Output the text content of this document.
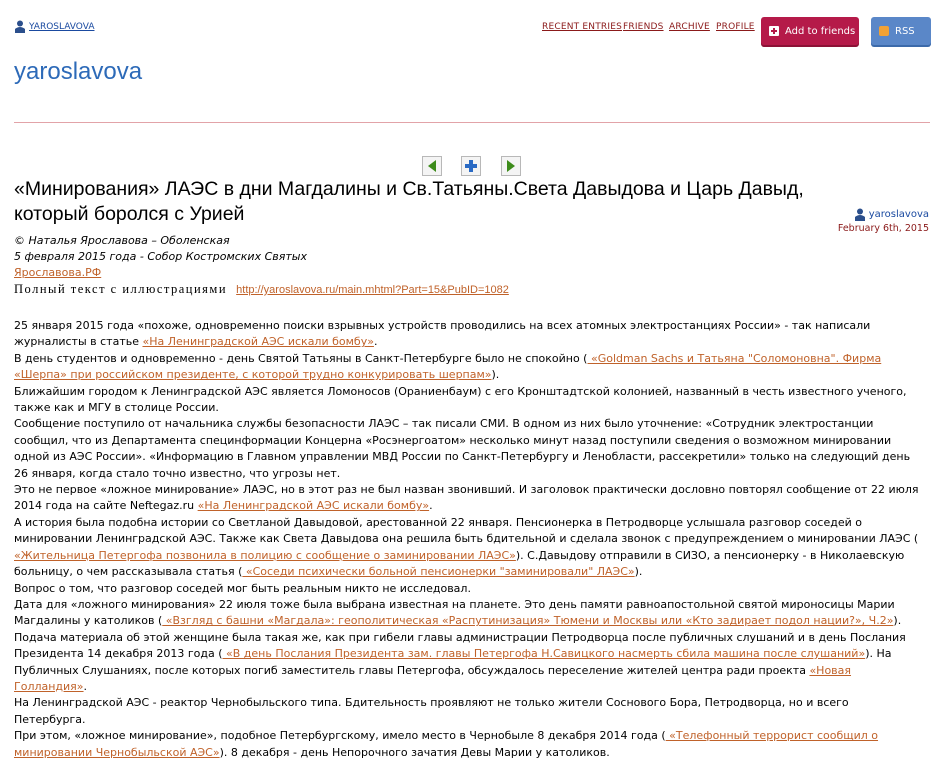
YAROSLAVOVA	RECENT ENTRIES FRIENDS ARCHIVE PROFILE	Add to friends	RSS
yaroslavova
«Минирования» ЛАЭС в дни Магдалины и Св.Татьяны.Света Давыдова и Царь Давыд, который боролся с Урией	yaroslavova
February 6th, 2015
© Наталья Ярославова – Оболенская
5 февраля 2015 года - Собор Костромских Святых
Ярославова.РФ
Полный текст с иллюстрациями http://yaroslavova.ru/main.mhtml?Part=15&PubID=1082

25 января 2015 года «похоже, одновременно поиски взрывных устройств проводились на всех атомных электростанциях России» - так написали журналисты в статье «На Ленинградской АЭС искали бомбу».

В день студентов и одновременно - день Святой Татьяны в Санкт-Петербурге было не спокойно ( «Goldman Sachs и Татьяна "Соломоновна". Фирма «Шерпа» при российском президенте, с которой трудно конкурировать шерпам»).

Ближайшим городом к Ленинградской АЭС является Ломоносов (Ораниенбаум) с его Кронштадтской колонией, названный в честь известного ученого, также как и МГУ в столице России.

Сообщение поступило от начальника службы безопасности ЛАЭС – так писали СМИ. В одном из них было уточнение: «Сотрудник электростанции сообщил, что из Департамента специнформации Концерна «Росэнергоатом» несколько минут назад поступили сведения о возможном минировании одной из АЭС России». «Информацию в Главном управлении МВД России по Санкт-Петербургу и Ленобласти, рассекретили» только на следующий день 26 января, когда стало точно известно, что угрозы нет.

Это не первое «ложное минирование» ЛАЭС, но в этот раз не был назван звонивший. И заголовок практически дословно повторял сообщение от 22 июля 2014 года на сайте Neftegaz.ru «На Ленинградской АЭС искали бомбу».

А история была подобна истории со Светланой Давыдовой, арестованной 22 января. Пенсионерка в Петродворце услышала разговор соседей о минировании Ленинградской АЭС. Также как Света Давыдова она решила быть бдительной и сделала звонок с предупреждением о минировании ЛАЭС ( «Жительница Петергофа позвонила в полицию с сообщение о заминировании ЛАЭС»). С.Давыдову отправили в СИЗО, а пенсионерку - в Николаевскую больницу, о чем рассказывала статья ( «Соседи психически больной пенсионерки "заминировали" ЛАЭС»).

Вопрос о том, что разговор соседей мог быть реальным никто не исследовал.

Дата для «ложного минирования» 22 июля тоже была выбрана известная на планете. Это день памяти равноапостольной святой мироносицы Марии Магдалины у католиков ( «Взгляд с башни «Магдала»: геополитическая «Распутинизация» Тюмени и Москвы или «Кто задирает подол нации?», Ч.2»).

Подача материала об этой женщине была такая же, как при гибели главы администрации Петродворца после публичных слушаний и в день Послания Президента 14 декабря 2013 года ( «В день Послания Президента зам. главы Петергофа Н.Савицкого насмерть сбила машина после слушаний»). На Публичных Слушаниях, после которых погиб заместитель главы Петергофа, обсуждалось переселение жителей центра ради проекта «Новая Голландия».

На Ленинградской АЭС - реактор Чернобыльского типа. Бдительность проявляют не только жители Соснового Бора, Петродворца, но и всего Петербурга.

При этом, «ложное минирование», подобное Петербургскому, имело место в Чернобыле 8 декабря 2014 года ( «Телефонный террорист сообщил о минировании Чернобыльской АЭС»). 8 декабря - день Непорочного зачатия Девы Марии у католиков.
